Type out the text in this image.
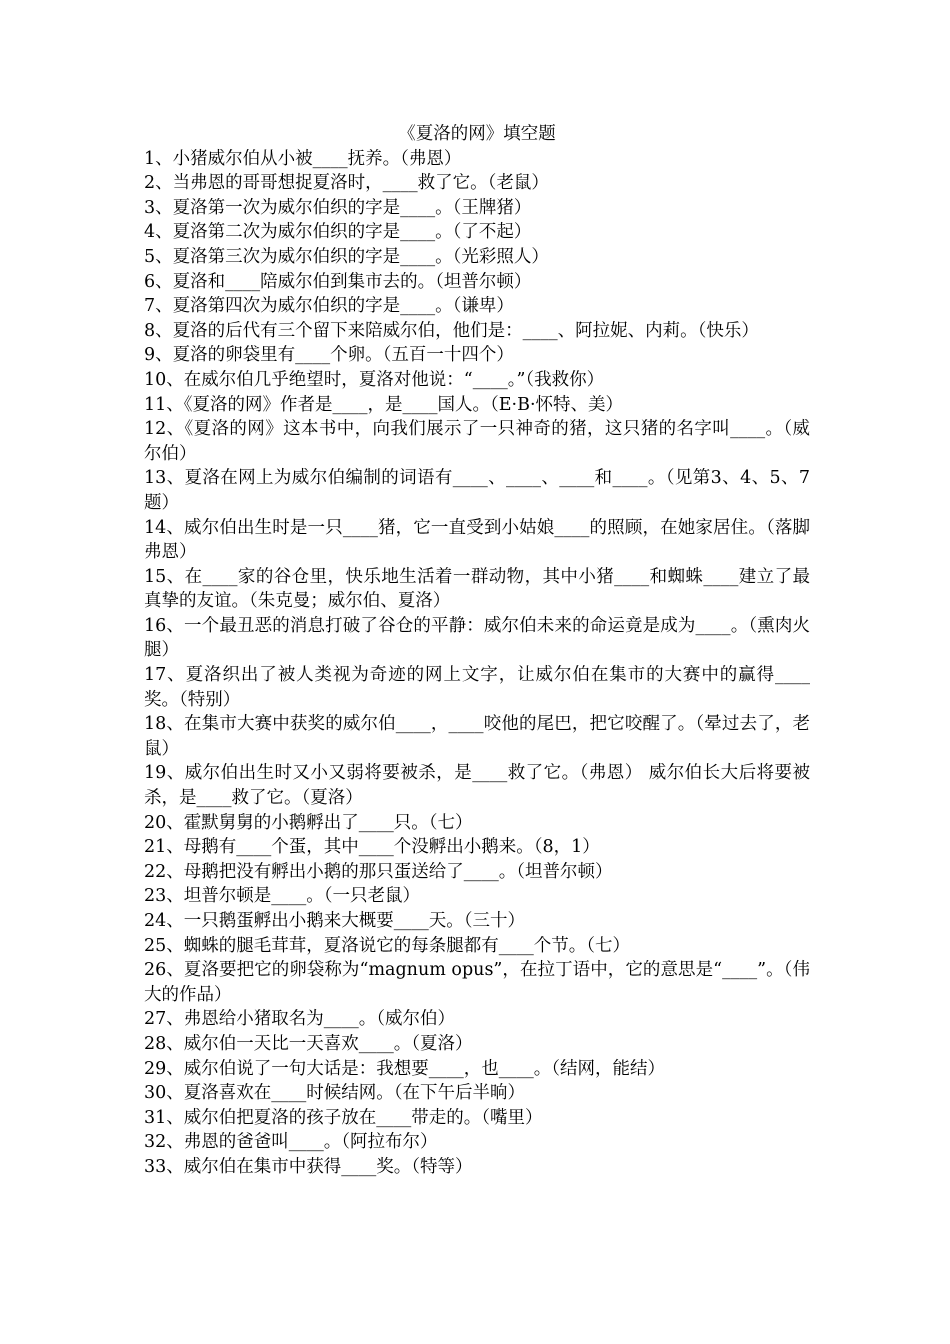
《夏洛的网》填空题

1、小猪威尔伯从小被____抚养。（弗恩）

2、当弗恩的哥哥想捉夏洛时，____救了它。（老鼠）

3、夏洛第一次为威尔伯织的字是____。（王牌猪）

4、夏洛第二次为威尔伯织的字是____。（了不起）

5、夏洛第三次为威尔伯织的字是____。（光彩照人）

6、夏洛和____陪威尔伯到集市去的。（坦普尔顿）

7、夏洛第四次为威尔伯织的字是____。（谦卑）

8、夏洛的后代有三个留下来陪威尔伯，他们是：____、阿拉妮、内莉。（快乐）

9、夏洛的卵袋里有____个卵。（五百一十四个）

10、在威尔伯几乎绝望时，夏洛对他说：“____。”（我救你）

11、《夏洛的网》作者是____，是____国人。（E·B·怀特、美）

12、《夏洛的网》这本书中，向我们展示了一只神奇的猪，这只猪的名字叫____。（威尔伯）

13、夏洛在网上为威尔伯编制的词语有____、____、____和____。（见第3、4、5、7 题）

14、威尔伯出生时是一只____猪，它一直受到小姑娘____的照顾，在她家居住。（落脚 弗恩）

15、在____家的谷仓里，快乐地生活着一群动物，其中小猪____和蜘蛛____建立了最真挚的友谊。（朱克曼；威尔伯、夏洛）

16、一个最丑恶的消息打破了谷仓的平静：威尔伯未来的命运竟是成为____。（熏肉火腿）

17、夏洛织出了被人类视为奇迹的网上文字，让威尔伯在集市的大赛中的赢得____奖。（特别）

18、在集市大赛中获奖的威尔伯____，____咬他的尾巴，把它咬醒了。（晕过去了，老鼠）

19、威尔伯出生时又小又弱将要被杀，是____救了它。（弗恩） 威尔伯长大后将要被杀，是____救了它。（夏洛）

20、霍默舅舅的小鹅孵出了____只。（七）

21、母鹅有____个蛋，其中____个没孵出小鹅来。（8，1）

22、母鹅把没有孵出小鹅的那只蛋送给了____。（坦普尔顿）

23、坦普尔顿是____。（一只老鼠）

24、一只鹅蛋孵出小鹅来大概要____天。（三十）

25、蜘蛛的腿毛茸茸，夏洛说它的每条腿都有____个节。（七）

26、夏洛要把它的卵袋称为“magnum opus”，在拉丁语中，它的意思是“____”。（伟大的作品）

27、弗恩给小猪取名为____。（威尔伯）

28、威尔伯一天比一天喜欢____。（夏洛）

29、威尔伯说了一句大话是：我想要____，也____。（结网，能结）

30、夏洛喜欢在____时候结网。（在下午后半晌）

31、威尔伯把夏洛的孩子放在____带走的。（嘴里）

32、弗恩的爸爸叫____。（阿拉布尔）

33、威尔伯在集市中获得____奖。（特等）
